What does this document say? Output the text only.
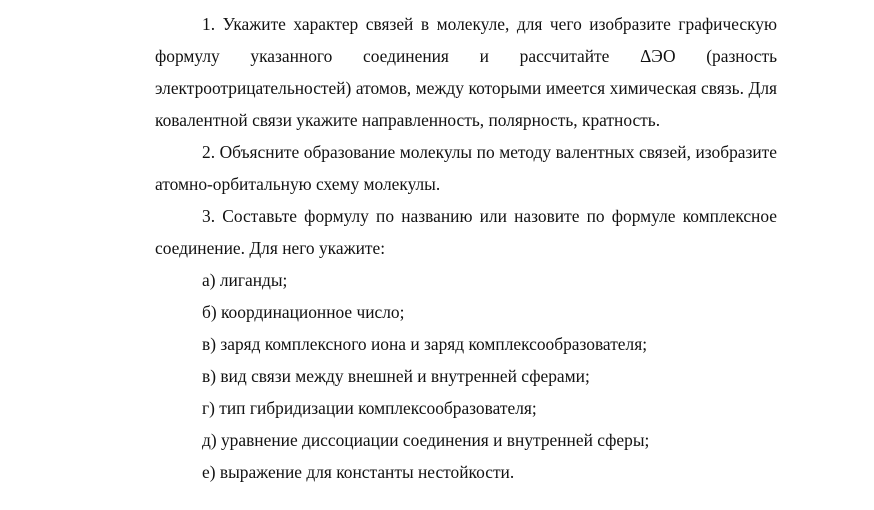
1. Укажите характер связей в молекуле, для чего изобразите графическую формулу указанного соединения и рассчитайте ΔЭО (разность электроотрицательностей) атомов, между которыми имеется химическая связь. Для ковалентной связи укажите направленность, полярность, кратность.

2. Объясните образование молекулы по методу валентных связей, изобразите атомно-орбитальную схему молекулы.

3. Составьте формулу по названию или назовите по формуле комплексное соединение. Для него укажите:

а) лиганды;

б) координационное число;

в) заряд комплексного иона и заряд комплексообразователя;

в) вид связи между внешней и внутренней сферами;

г) тип гибридизации комплексообразователя;

д) уравнение диссоциации соединения и внутренней сферы;

е) выражение для константы нестойкости.
